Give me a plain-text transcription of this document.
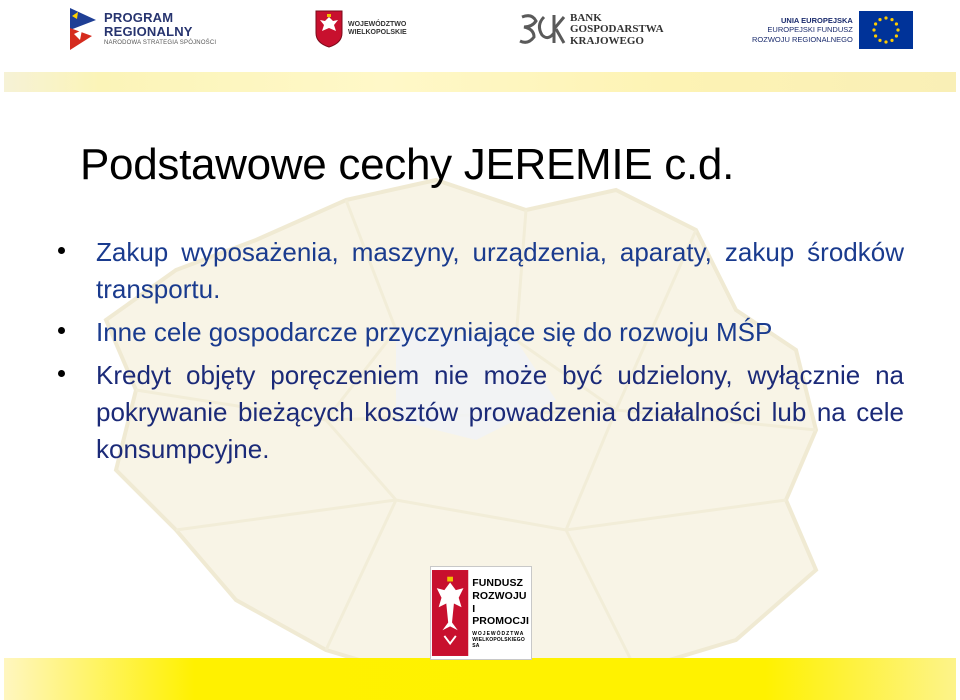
PROGRAM
REGIONALNY
NARODOWA STRATEGIA SPÓJNOŚCI
WOJEWÓDZTWO
WIELKOPOLSKIE
BANK
GOSPODARSTWA
KRAJOWEGO
UNIA EUROPEJSKA
EUROPEJSKI FUNDUSZ
ROZWOJU REGIONALNEGO
Podstawowe cechy JEREMIE c.d.
Zakup wyposażenia, maszyny, urządzenia, aparaty, zakup środków transportu.
Inne cele gospodarcze przyczyniające się do rozwoju MŚP
Kredyt objęty poręczeniem nie może być udzielony, wyłącznie na pokrywanie bieżących kosztów prowadzenia działalności lub na cele konsumpcyjne.
FUNDUSZ
ROZWOJU
I PROMOCJI
WOJEWÓDZTWA
WIELKOPOLSKIEGO SA
